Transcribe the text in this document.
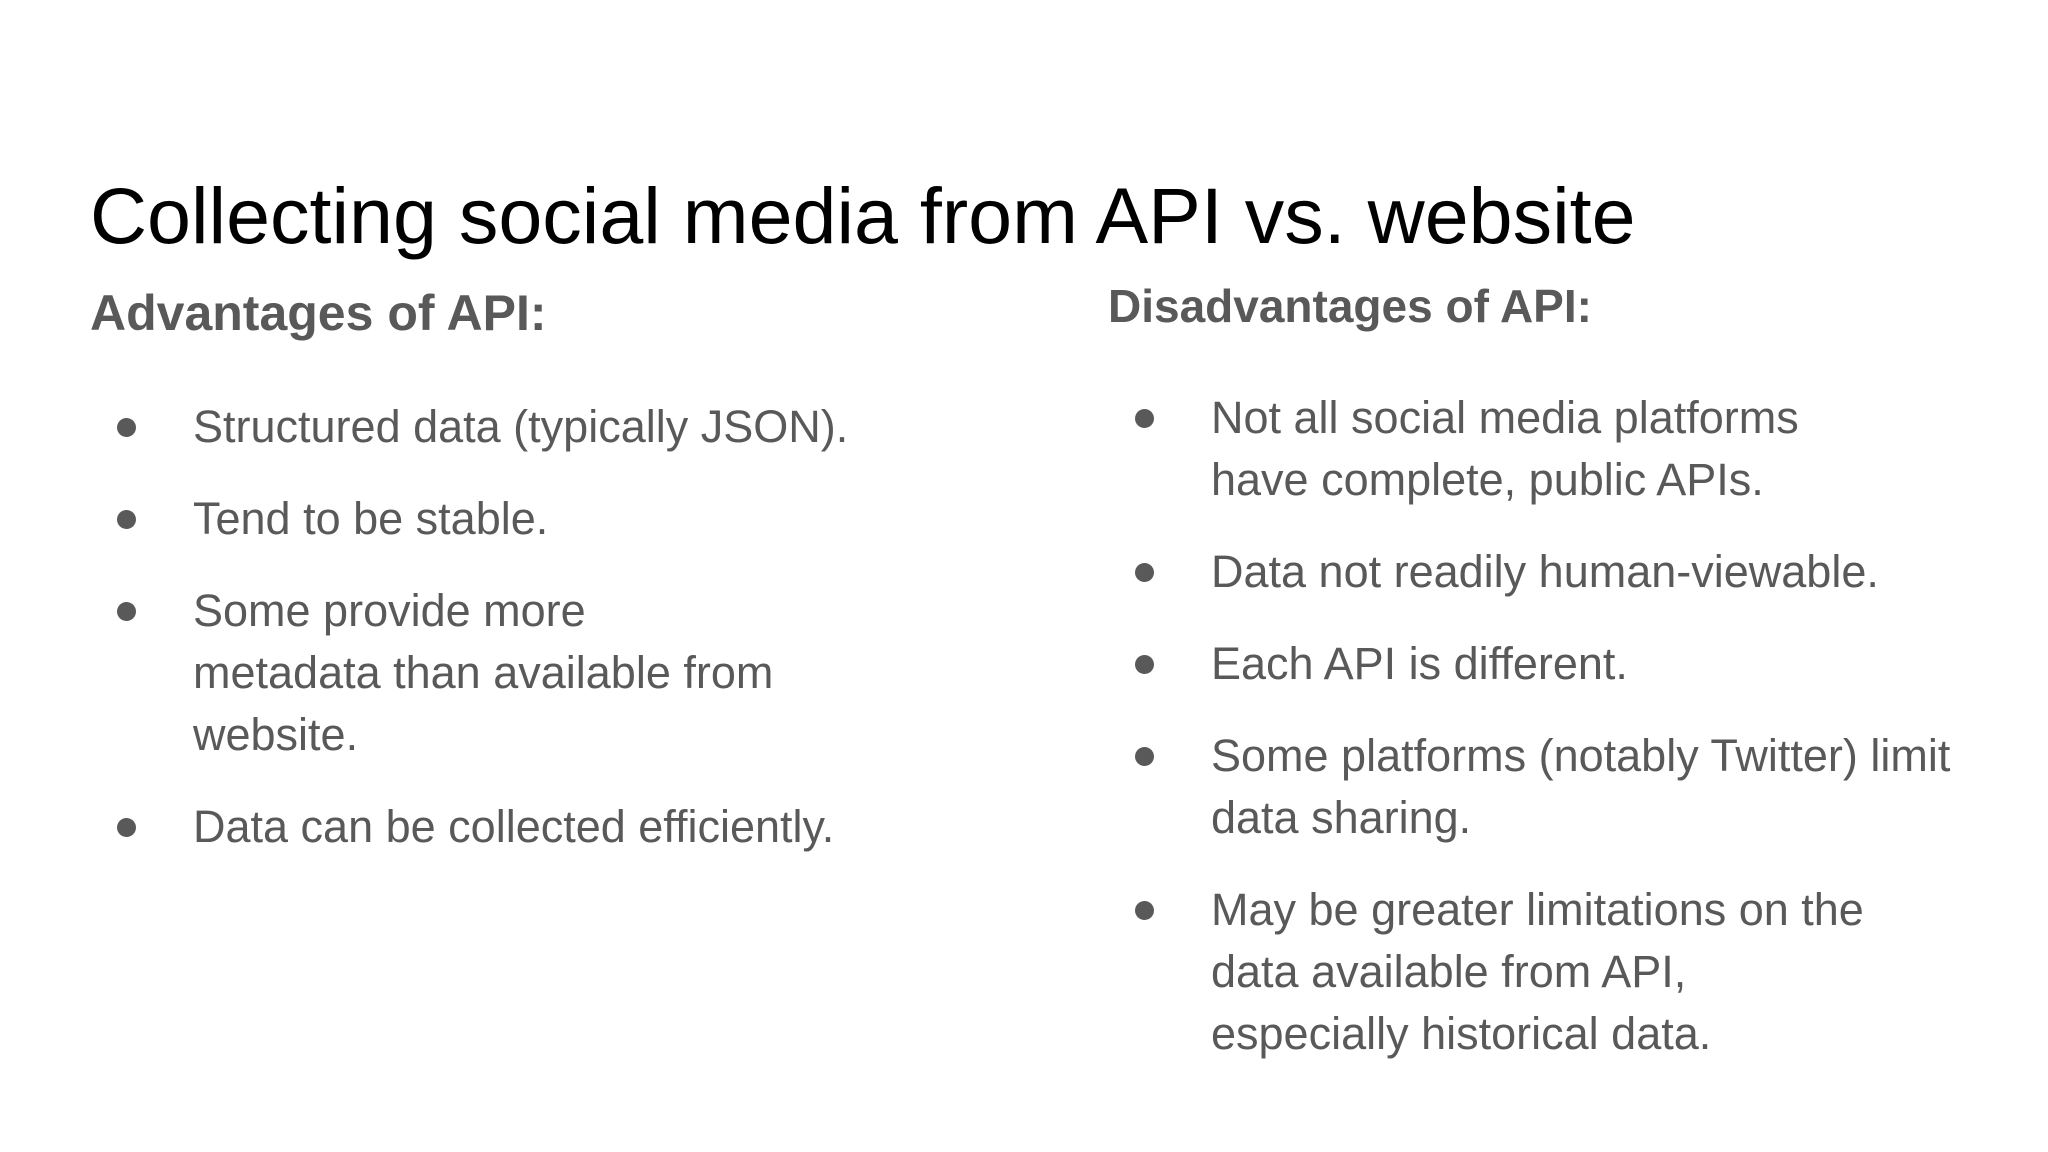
Collecting social media from API vs. website
Advantages of API:
Structured data (typically JSON).
Tend to be stable.
Some provide more metadata than available from website.
Data can be collected efficiently.
Disadvantages of API:
Not all social media platforms have complete, public APIs.
Data not readily human-viewable.
Each API is different.
Some platforms (notably Twitter) limit data sharing.
May be greater limitations on the data available from API, especially historical data.
